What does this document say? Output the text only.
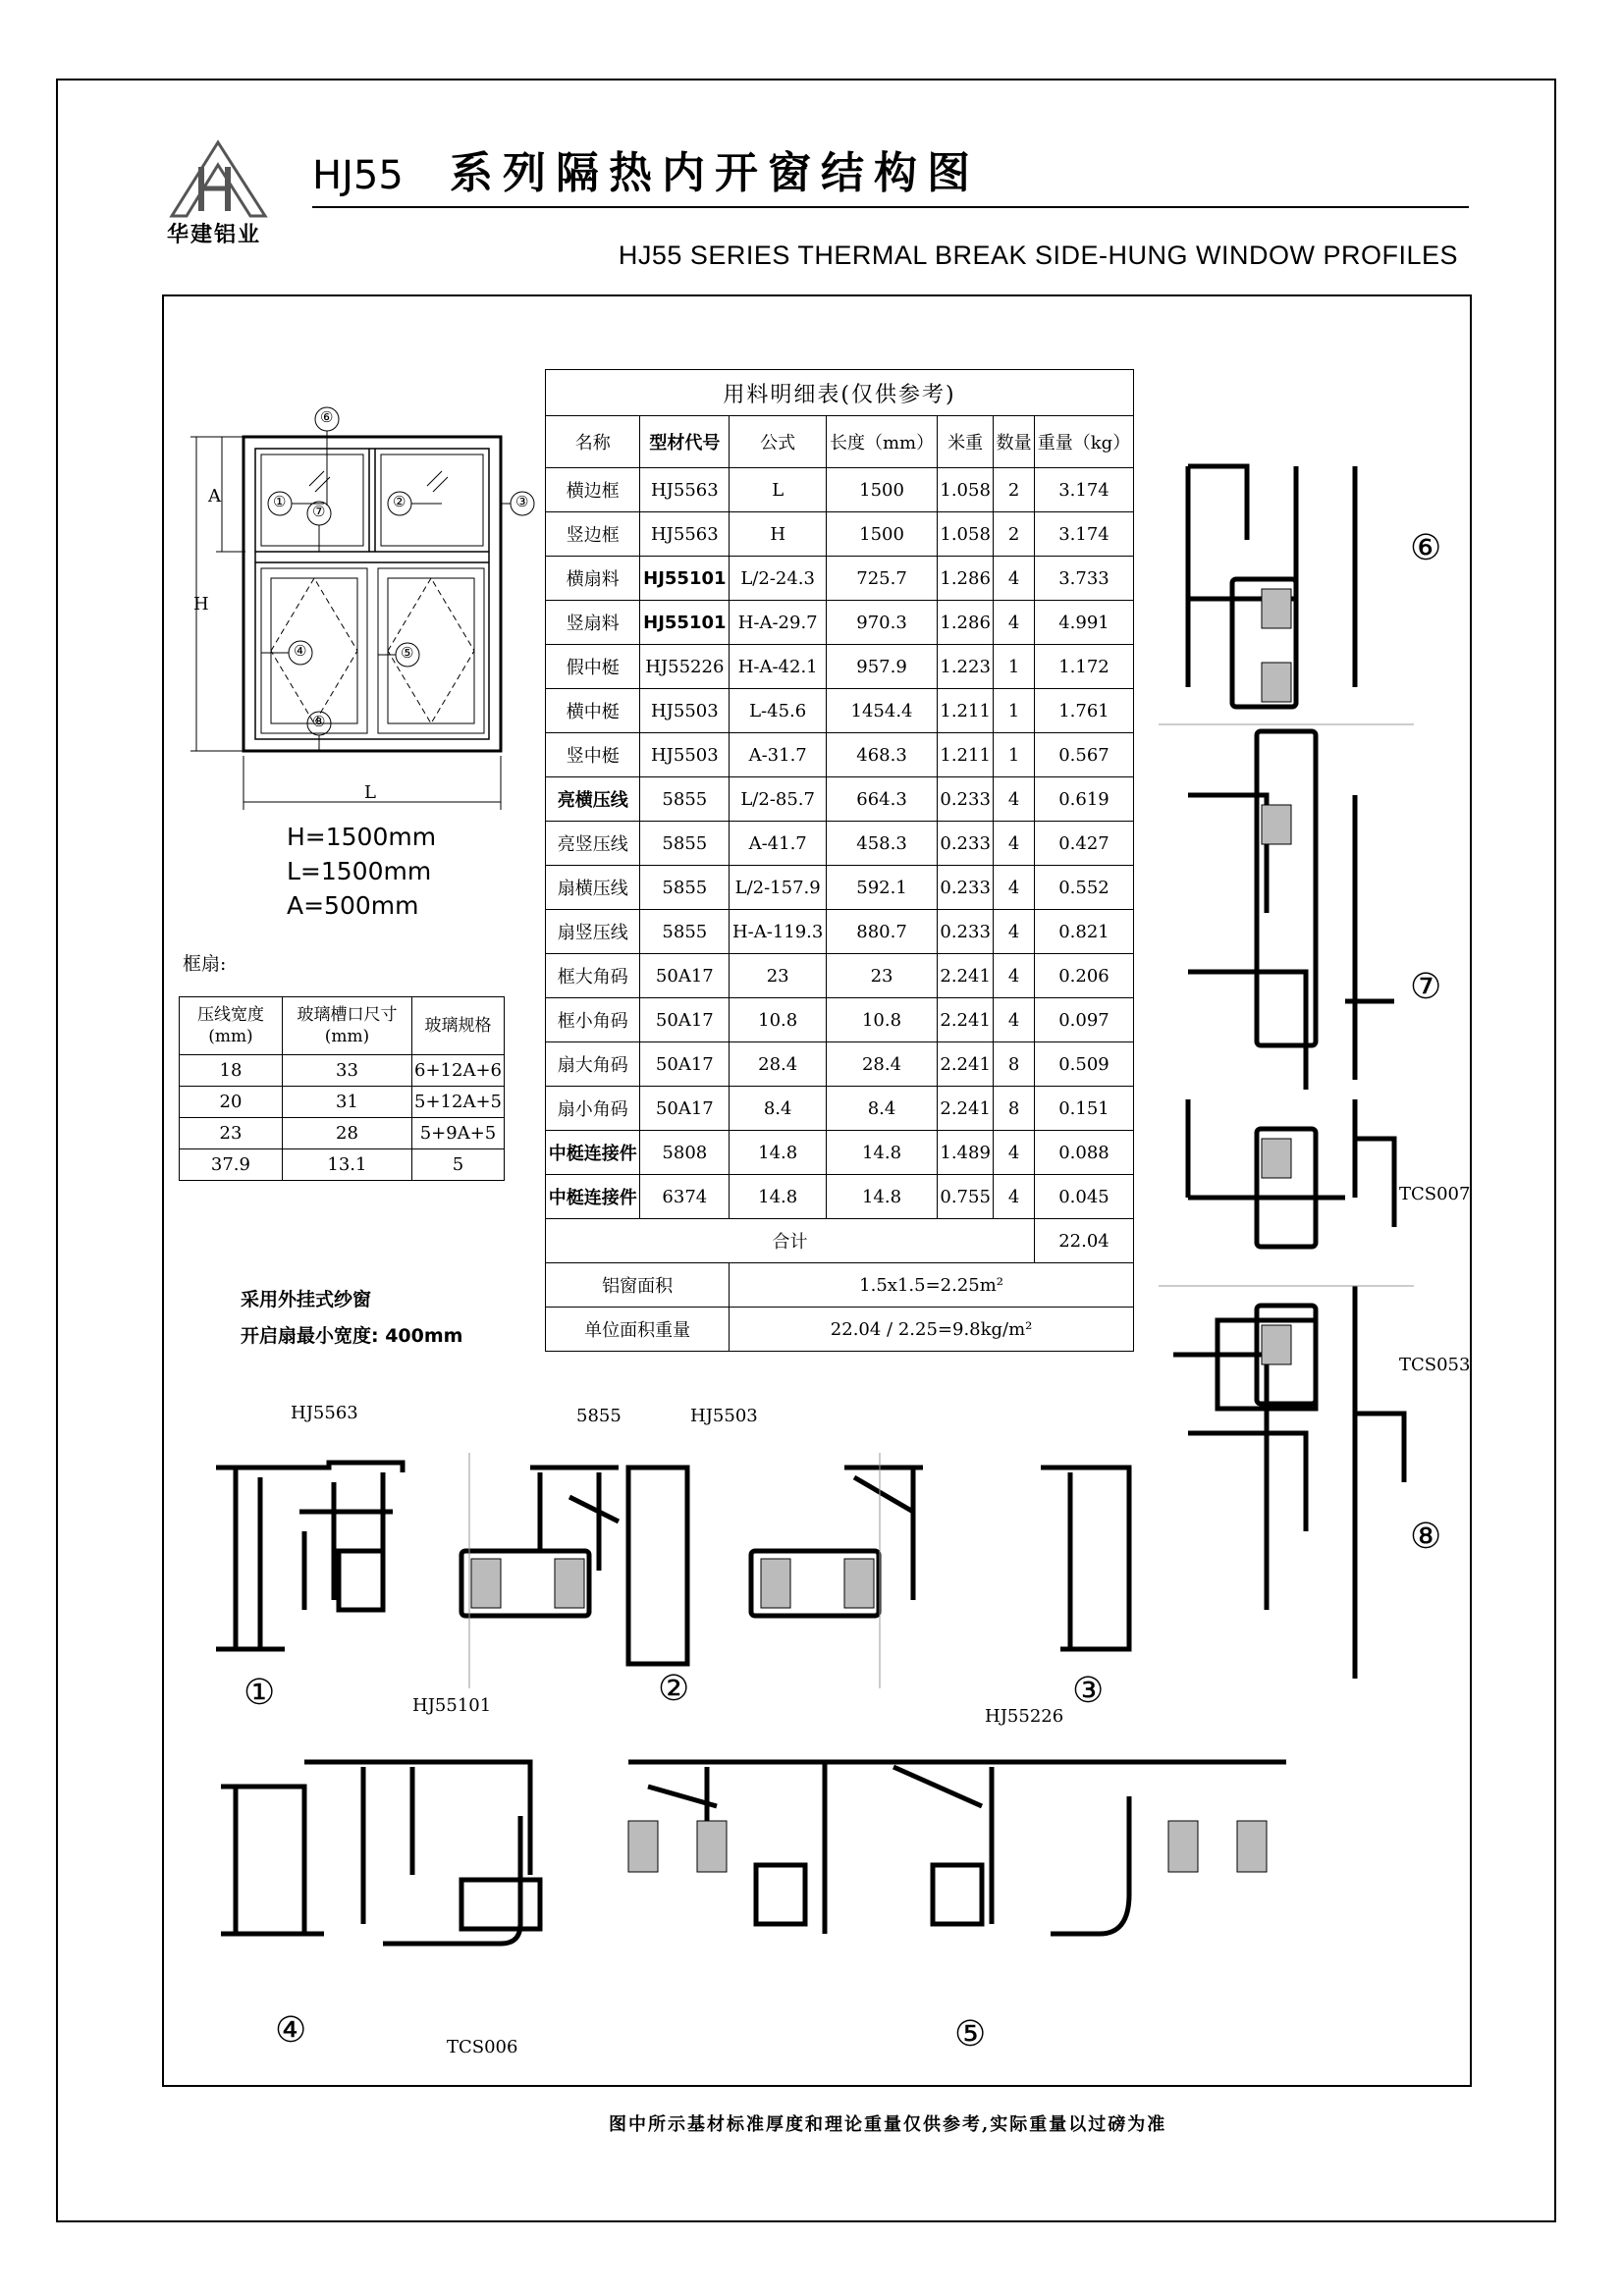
华建铝业
HJ55 系列隔热内开窗结构图
HJ55 SERIES THERMAL BREAK SIDE-HUNG WINDOW PROFILES
H
A
L
⑥
①	②	③
⑦
④	⑤
⑧
H=1500mm
L=1500mm
A=500mm
用料明细表(仅供参考)						
名称	型材代号	公式	长度（mm）	米重	数量	重量（kg）
横边框	HJ5563	L	1500	1.058	2	3.174
竖边框	HJ5563	H	1500	1.058	2	3.174
横扇料	HJ55101	L/2-24.3	725.7	1.286	4	3.733
竖扇料	HJ55101	H-A-29.7	970.3	1.286	4	4.991
假中梃	HJ55226	H-A-42.1	957.9	1.223	1	1.172
横中梃	HJ5503	L-45.6	1454.4	1.211	1	1.761
竖中梃	HJ5503	A-31.7	468.3	1.211	1	0.567
亮横压线	5855	L/2-85.7	664.3	0.233	4	0.619
亮竖压线	5855	A-41.7	458.3	0.233	4	0.427
扇横压线	5855	L/2-157.9	592.1	0.233	4	0.552
扇竖压线	5855	H-A-119.3	880.7	0.233	4	0.821
框大角码	50A17	23	23	2.241	4	0.206
框小角码	50A17	10.8	10.8	2.241	4	0.097
扇大角码	50A17	28.4	28.4	2.241	8	0.509
扇小角码	50A17	8.4	8.4	2.241	8	0.151
中梃连接件	5808	14.8	14.8	1.489	4	0.088
中梃连接件	6374	14.8	14.8	0.755	4	0.045
合计						22.04
铝窗面积		1.5x1.5=2.25m²				
单位面积重量		22.04 / 2.25=9.8kg/m²				
框扇:
压线宽度(mm)	玻璃槽口尺寸(mm)	玻璃规格
18	33	6+12A+6
20	31	5+12A+5
23	28	5+9A+5
37.9	13.1	5
采用外挂式纱窗
开启扇最小宽度: 400mm
HJ5563	5855	HJ5503
①	②	③
HJ55101
HJ55226
TCS006
④	⑤
⑥
⑦
TCS007
TCS053
⑧
图中所示基材标准厚度和理论重量仅供参考,实际重量以过磅为准
